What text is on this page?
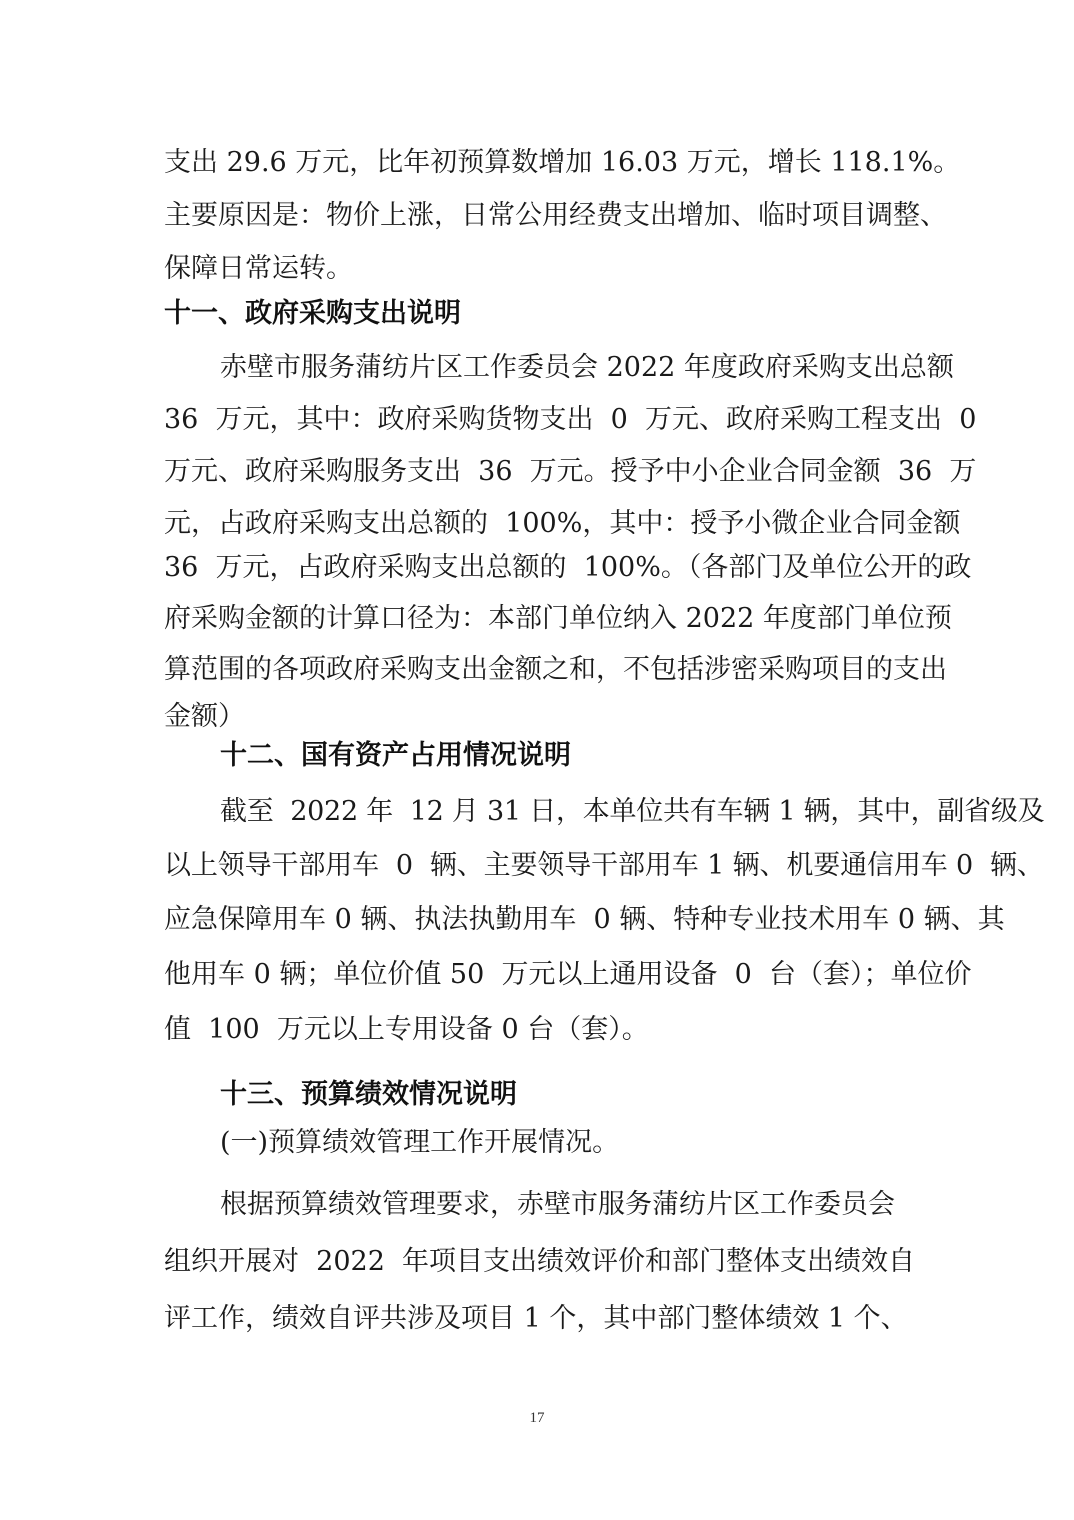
支出 29.6 万元，比年初预算数增加 16.03 万元，增长 118.1%。

主要原因是：物价上涨，日常公用经费支出增加、临时项目调整、

保障日常运转。

十一、政府采购支出说明

赤壁市服务蒲纺片区工作委员会 2022 年度政府采购支出总额

36  万元，其中：政府采购货物支出  0  万元、政府采购工程支出  0

万元、政府采购服务支出  36  万元。授予中小企业合同金额  36  万

元，占政府采购支出总额的  100%，其中：授予小微企业合同金额

36  万元，占政府采购支出总额的  100%。（各部门及单位公开的政

府采购金额的计算口径为：本部门单位纳入 2022 年度部门单位预

算范围的各项政府采购支出金额之和，不包括涉密采购项目的支出

金额）

十二、国有资产占用情况说明

截至  2022 年  12 月 31 日，本单位共有车辆 1 辆，其中，副省级及

以上领导干部用车  0  辆、主要领导干部用车 1 辆、机要通信用车 0  辆、

应急保障用车 0 辆、执法执勤用车  0 辆、特种专业技术用车 0 辆、其

他用车 0 辆；单位价值 50  万元以上通用设备  0  台（套）；单位价

值  100  万元以上专用设备 0 台（套）。

十三、预算绩效情况说明

(一)预算绩效管理工作开展情况。

根据预算绩效管理要求，赤壁市服务蒲纺片区工作委员会

组织开展对  2022  年项目支出绩效评价和部门整体支出绩效自

评工作，绩效自评共涉及项目 1 个，其中部门整体绩效 1 个、

17
